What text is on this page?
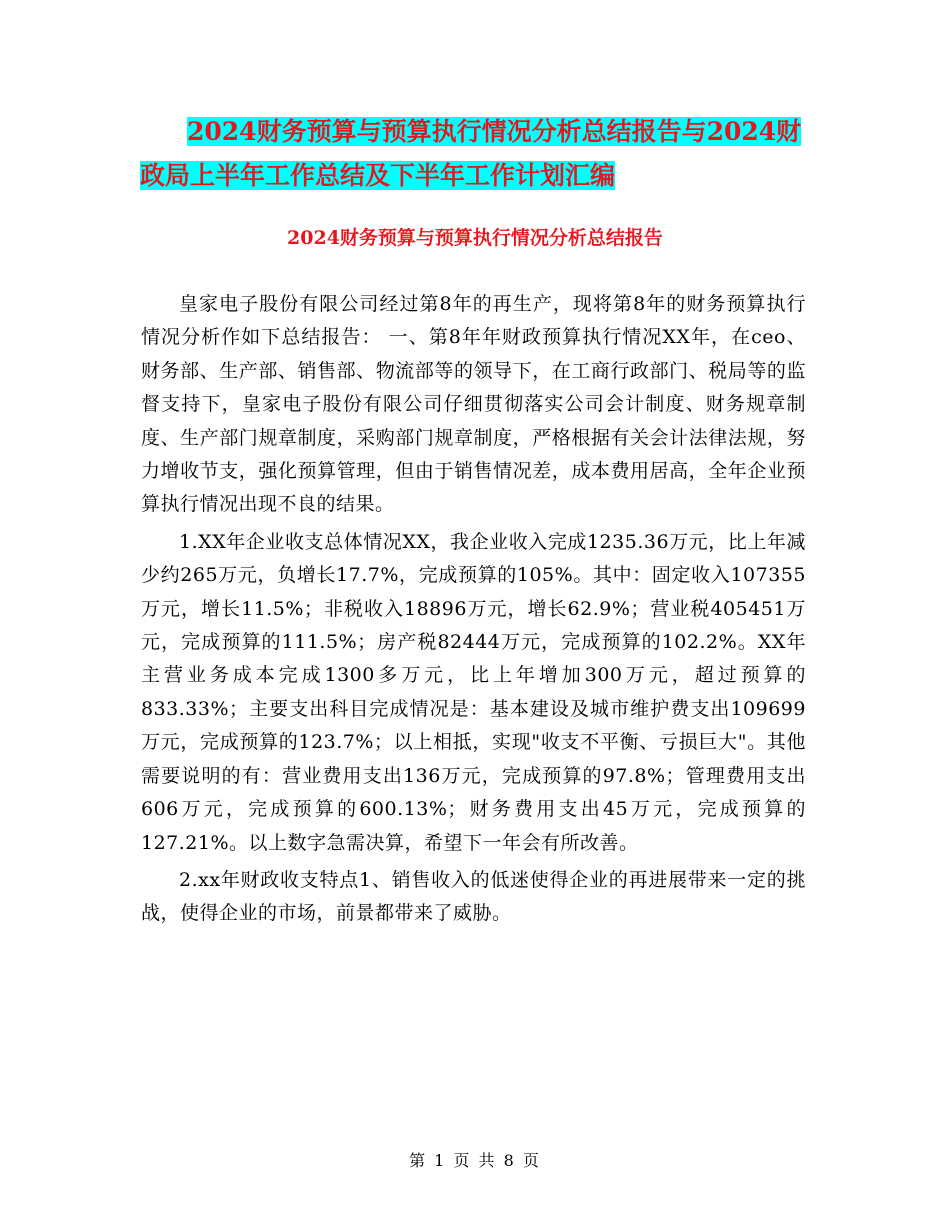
2024财务预算与预算执行情况分析总结报告与2024财
政局上半年工作总结及下半年工作计划汇编
2024财务预算与预算执行情况分析总结报告

皇家电子股份有限公司经过第8年的再生产，现将第8年的财务预算执行情况分析作如下总结报告： 一、第8年年财政预算执行情况XX年，在ceo、财务部、生产部、销售部、物流部等的领导下，在工商行政部门、税局等的监督支持下，皇家电子股份有限公司仔细贯彻落实公司会计制度、财务规章制度、生产部门规章制度，采购部门规章制度，严格根据有关会计法律法规，努力增收节支，强化预算管理，但由于销售情况差，成本费用居高，全年企业预算执行情况出现不良的结果。

1.XX年企业收支总体情况XX，我企业收入完成1235.36万元，比上年减少约265万元，负增长17.7%，完成预算的105%。其中：固定收入107355万元，增长11.5%；非税收入18896万元，增长62.9%；营业税405451万元，完成预算的111.5%；房产税82444万元，完成预算的102.2%。XX年主营业务成本完成1300多万元，比上年增加300万元，超过预算的833.33%；主要支出科目完成情况是：基本建设及城市维护费支出109699万元，完成预算的123.7%；以上相抵，实现"收支不平衡、亏损巨大"。其他需要说明的有：营业费用支出136万元，完成预算的97.8%；管理费用支出606万元，完成预算的600.13%；财务费用支出45万元，完成预算的127.21%。以上数字急需决算，希望下一年会有所改善。

2.xx年财政收支特点1、销售收入的低迷使得企业的再进展带来一定的挑战，使得企业的市场，前景都带来了威胁。

第 1 页 共 8 页
